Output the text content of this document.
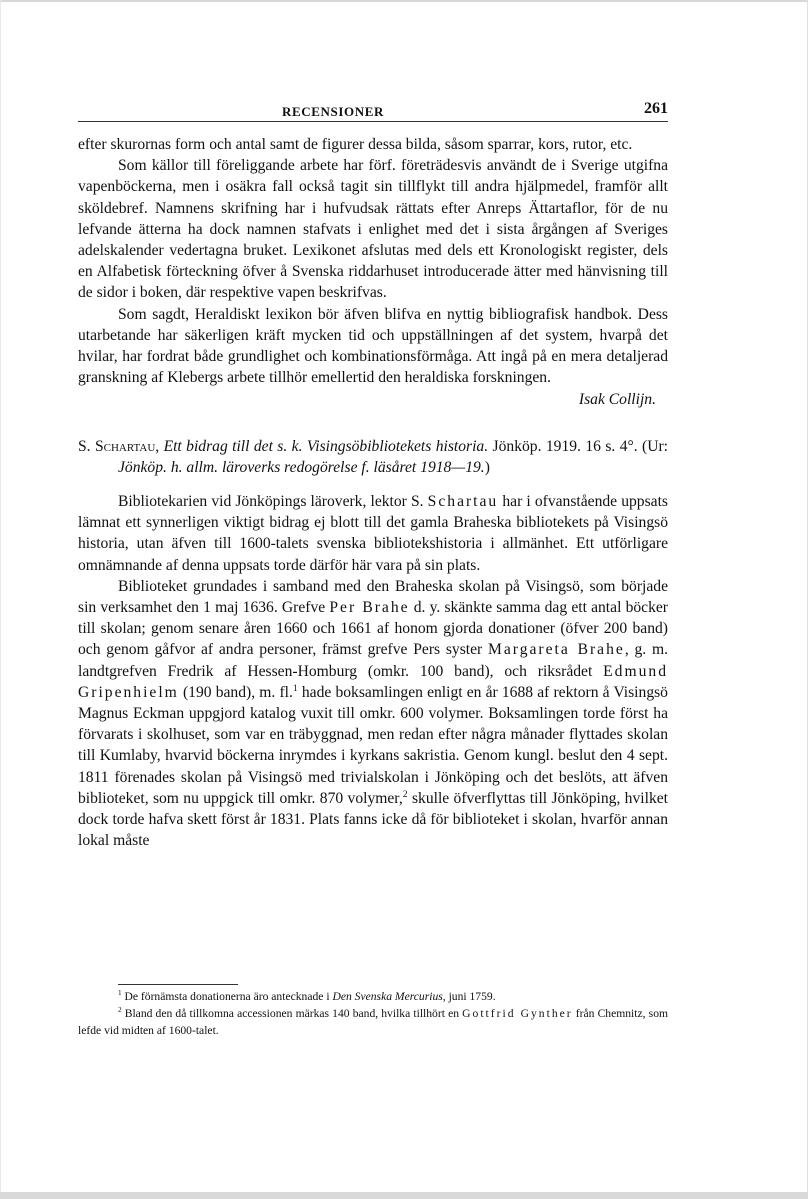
RECENSIONER	261

efter skurornas form och antal samt de figurer dessa bilda, såsom sparrar, kors, rutor, etc.

Som källor till föreliggande arbete har förf. företrädesvis användt de i Sverige utgifna vapenböckerna, men i osäkra fall också tagit sin tillflykt till andra hjälpmedel, framför allt sköldebref. Namnens skrifning har i hufvudsak rättats efter Anreps Ättartaflor, för de nu lefvande ätterna ha dock namnen stafvats i enlighet med det i sista årgången af Sveriges adelskalender vedertagna bruket. Lexikonet afslutas med dels ett Kronologiskt register, dels en Alfabetisk förteckning öfver å Svenska riddarhuset introducerade ätter med hänvisning till de sidor i boken, där respektive vapen beskrifvas.

Som sagdt, Heraldiskt lexikon bör äfven blifva en nyttig bibliografisk handbok. Dess utarbetande har säkerligen kräft mycken tid och uppställningen af det system, hvarpå det hvilar, har fordrat både grundlighet och kombinationsförmåga. Att ingå på en mera detaljerad granskning af Klebergs arbete tillhör emellertid den heraldiska forskningen.

Isak Collijn.

S. Schartau, Ett bidrag till det s. k. Visingsöbibliotekets historia. Jönköp. 1919. 16 s. 4°. (Ur: Jönköp. h. allm. läroverks redogörelse f. läsåret 1918—19.)

Bibliotekarien vid Jönköpings läroverk, lektor S. Schartau har i ofvanstående uppsats lämnat ett synnerligen viktigt bidrag ej blott till det gamla Braheska bibliotekets på Visingsö historia, utan äfven till 1600-talets svenska bibliotekshistoria i allmänhet. Ett utförligare omnämnande af denna uppsats torde därför här vara på sin plats.

Biblioteket grundades i samband med den Braheska skolan på Visingsö, som började sin verksamhet den 1 maj 1636. Grefve Per Brahe d. y. skänkte samma dag ett antal böcker till skolan; genom senare åren 1660 och 1661 af honom gjorda donationer (öfver 200 band) och genom gåfvor af andra personer, främst grefve Pers syster Margareta Brahe, g. m. landtgrefven Fredrik af Hessen-Homburg (omkr. 100 band), och riksrådet Edmund Gripenhielm (190 band), m. fl.$^1$ hade boksamlingen enligt en år 1688 af rektorn å Visingsö Magnus Eckman uppgjord katalog vuxit till omkr. 600 volymer. Boksamlingen torde först ha förvarats i skolhuset, som var en träbyggnad, men redan efter några månader flyttades skolan till Kumlaby, hvarvid böckerna inrymdes i kyrkans sakristia. Genom kungl. beslut den 4 sept. 1811 förenades skolan på Visingsö med trivialskolan i Jönköping och det beslöts, att äfven biblioteket, som nu uppgick till omkr. 870 volymer,$^2$ skulle öfverflyttas till Jönköping, hvilket dock torde hafva skett först år 1831. Plats fanns icke då för biblioteket i skolan, hvarför annan lokal måste

$^1$ De förnämsta donationerna äro antecknade i Den Svenska Mercurius, juni 1759.

$^2$ Bland den då tillkomna accessionen märkas 140 band, hvilka tillhört en Gottfrid Gynther från Chemnitz, som lefde vid midten af 1600-talet.
